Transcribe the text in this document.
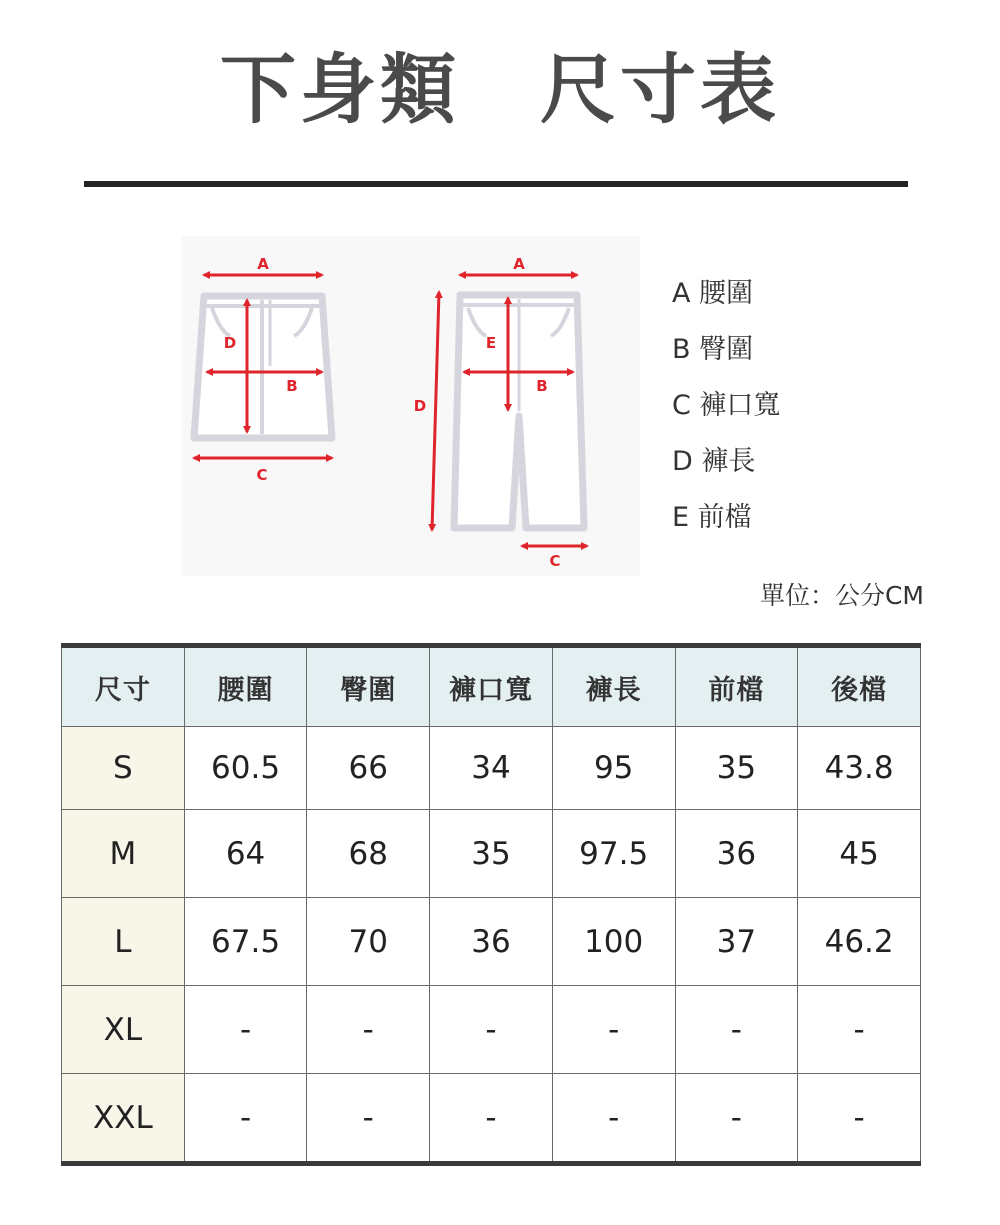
下身類　尺寸表
A
D
B
C
A
E
B
D
C
A 腰圍
B 臀圍
C 褲口寬
D 褲長
E 前檔
單位：公分CM
尺寸	腰圍	臀圍	褲口寬	褲長	前檔	後檔
S	60.5	66	34	95	35	43.8
M	64	68	35	97.5	36	45
L	67.5	70	36	100	37	46.2
XL	-	-	-	-	-	-
XXL	-	-	-	-	-	-
